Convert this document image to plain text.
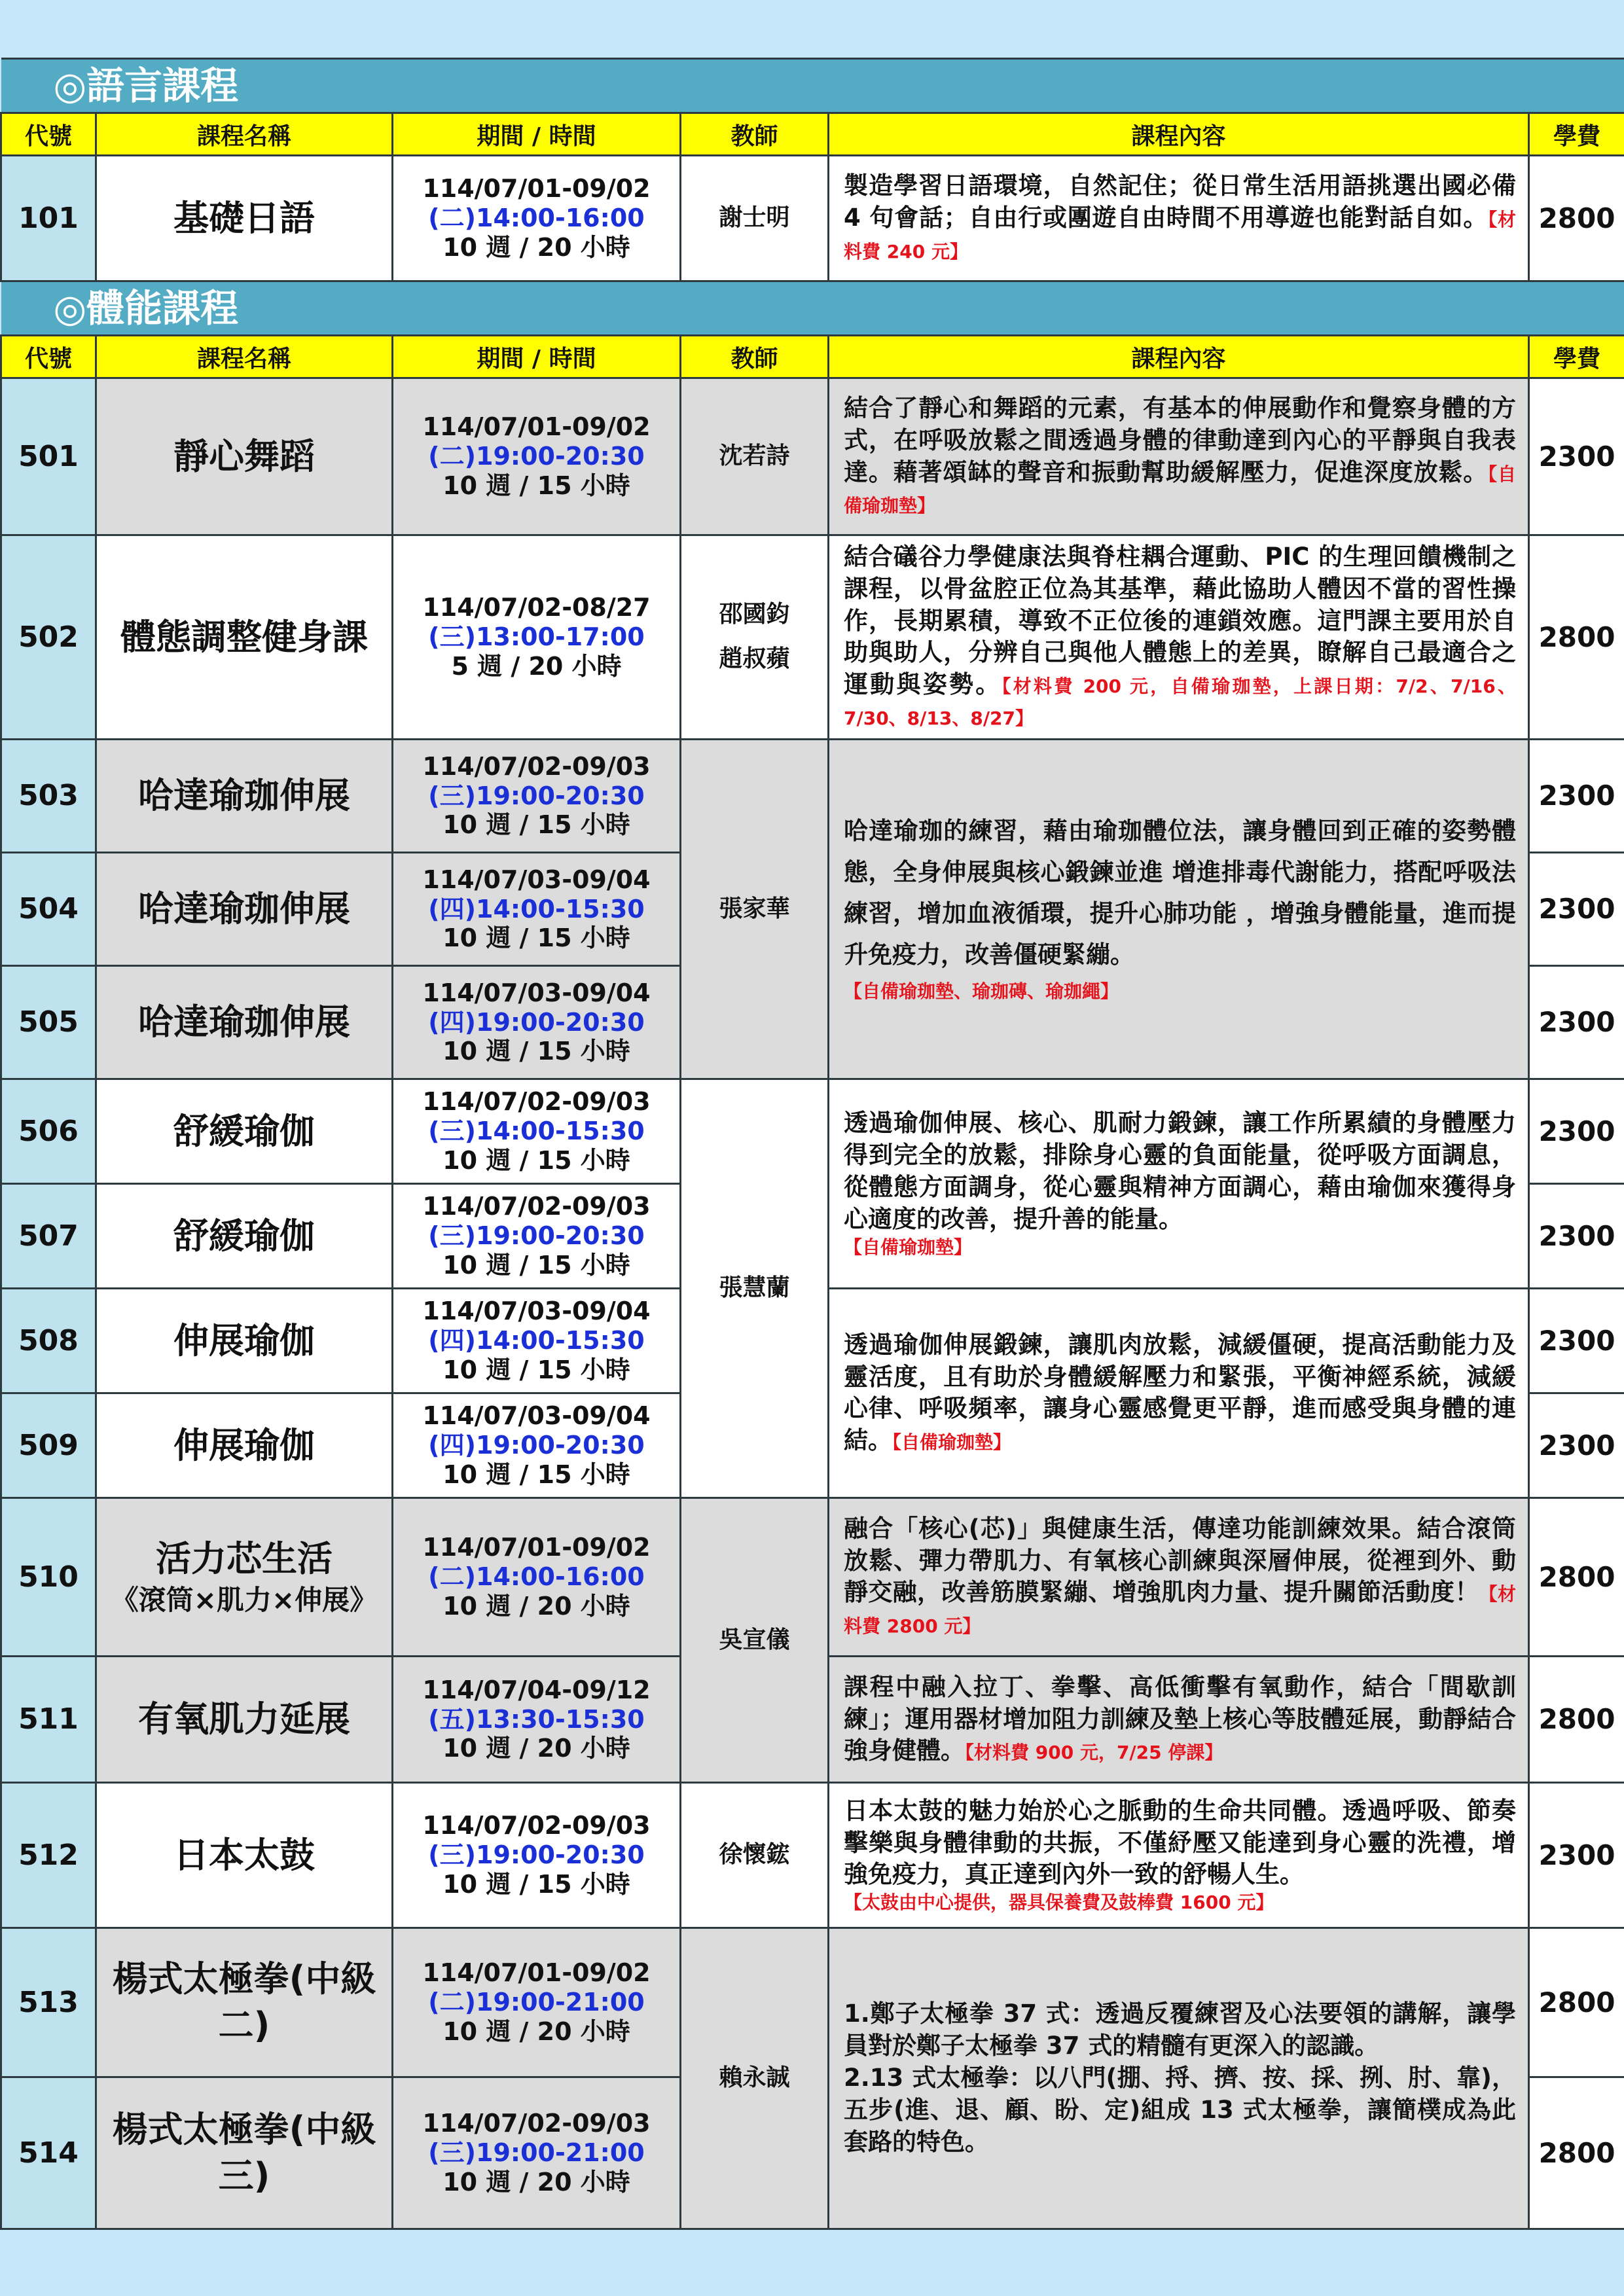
◎語言課程					
代號	課程名稱	期間 / 時間	教師	課程內容	學費
101	基礎日語	114/07/01-09/02
(二)14:00-16:00
10 週 / 20 小時	謝士明	製造學習日語環境，自然記住；從日常生活用語挑選出國必備 4 句會話；自由行或團遊自由時間不用導遊也能對話自如。【材料費 240 元】	2800
◎體能課程					
代號	課程名稱	期間 / 時間	教師	課程內容	學費
501	靜心舞蹈	114/07/01-09/02
(二)19:00-20:30
10 週 / 15 小時	沈若詩	結合了靜心和舞蹈的元素，有基本的伸展動作和覺察身體的方式，在呼吸放鬆之間透過身體的律動達到內心的平靜與自我表達。藉著頌缽的聲音和振動幫助緩解壓力，促進深度放鬆。【自備瑜珈墊】	2300
502	體態調整健身課	114/07/02-08/27
(三)13:00-17:00
5 週 / 20 小時	邵國鈞
趙叔蘋	結合礒谷力學健康法與脊柱耦合運動、PIC 的生理回饋機制之課程，以骨盆腔正位為其基準，藉此協助人體因不當的習性操作，長期累積，導致不正位後的連鎖效應。這門課主要用於自助與助人，分辨自己與他人體態上的差異，瞭解自己最適合之運動與姿勢。【材料費 200 元，自備瑜珈墊，上課日期：7/2、7/16、7/30、8/13、8/27】	2800
503	哈達瑜珈伸展	114/07/02-09/03
(三)19:00-20:30
10 週 / 15 小時	張家華	哈達瑜珈的練習，藉由瑜珈體位法，讓身體回到正確的姿勢體態，全身伸展與核心鍛鍊並進 增進排毒代謝能力，搭配呼吸法練習，增加血液循環，提升心肺功能 ，增強身體能量，進而提升免疫力，改善僵硬緊繃。
【自備瑜珈墊、瑜珈磚、瑜珈繩】	2300
504	哈達瑜珈伸展	114/07/03-09/04
(四)14:00-15:30
10 週 / 15 小時			2300
505	哈達瑜珈伸展	114/07/03-09/04
(四)19:00-20:30
10 週 / 15 小時			2300
506	舒緩瑜伽	114/07/02-09/03
(三)14:00-15:30
10 週 / 15 小時	張慧蘭	透過瑜伽伸展、核心、肌耐力鍛鍊，讓工作所累績的身體壓力得到完全的放鬆，排除身心靈的負面能量，從呼吸方面調息，從體態方面調身，從心靈與精神方面調心，藉由瑜伽來獲得身心適度的改善，提升善的能量。
【自備瑜珈墊】	2300
507	舒緩瑜伽	114/07/02-09/03
(三)19:00-20:30
10 週 / 15 小時			2300
508	伸展瑜伽	114/07/03-09/04
(四)14:00-15:30
10 週 / 15 小時		透過瑜伽伸展鍛鍊，讓肌肉放鬆，減緩僵硬，提高活動能力及靈活度，且有助於身體緩解壓力和緊張，平衡神經系統，減緩心律、呼吸頻率，讓身心靈感覺更平靜，進而感受與身體的連結。【自備瑜珈墊】	2300
509	伸展瑜伽	114/07/03-09/04
(四)19:00-20:30
10 週 / 15 小時			2300
510	活力芯生活
《滾筒×肌力×伸展》	114/07/01-09/02
(二)14:00-16:00
10 週 / 20 小時	吳宣儀	融合「核心(芯)」與健康生活，傳達功能訓練效果。結合滾筒放鬆、彈力帶肌力、有氧核心訓練與深層伸展，從裡到外、動靜交融，改善筋膜緊繃、增強肌肉力量、提升關節活動度！【材料費 2800 元】	2800
511	有氧肌力延展	114/07/04-09/12
(五)13:30-15:30
10 週 / 20 小時		課程中融入拉丁、拳擊、高低衝擊有氧動作，結合「間歇訓練」；運用器材增加阻力訓練及墊上核心等肢體延展，動靜結合強身健體。【材料費 900 元，7/25 停課】	2800
512	日本太鼓	114/07/02-09/03
(三)19:00-20:30
10 週 / 15 小時	徐懷鋐	日本太鼓的魅力始於心之脈動的生命共同體。透過呼吸、節奏擊樂與身體律動的共振，不僅紓壓又能達到身心靈的洗禮，增強免疫力，真正達到內外一致的舒暢人生。
【太鼓由中心提供，器具保養費及鼓棒費 1600 元】	2300
513	楊式太極拳(中級二)	114/07/01-09/02
(二)19:00-21:00
10 週 / 20 小時	賴永誠	1.鄭子太極拳 37 式：透過反覆練習及心法要領的講解，讓學員對於鄭子太極拳 37 式的精髓有更深入的認識。
2.13 式太極拳：以八門(掤、捋、擠、按、採、挒、肘、靠)，五步(進、退、顧、盼、定)組成 13 式太極拳，讓簡樸成為此套路的特色。	2800
514	楊式太極拳(中級三)	114/07/02-09/03
(三)19:00-21:00
10 週 / 20 小時			2800
